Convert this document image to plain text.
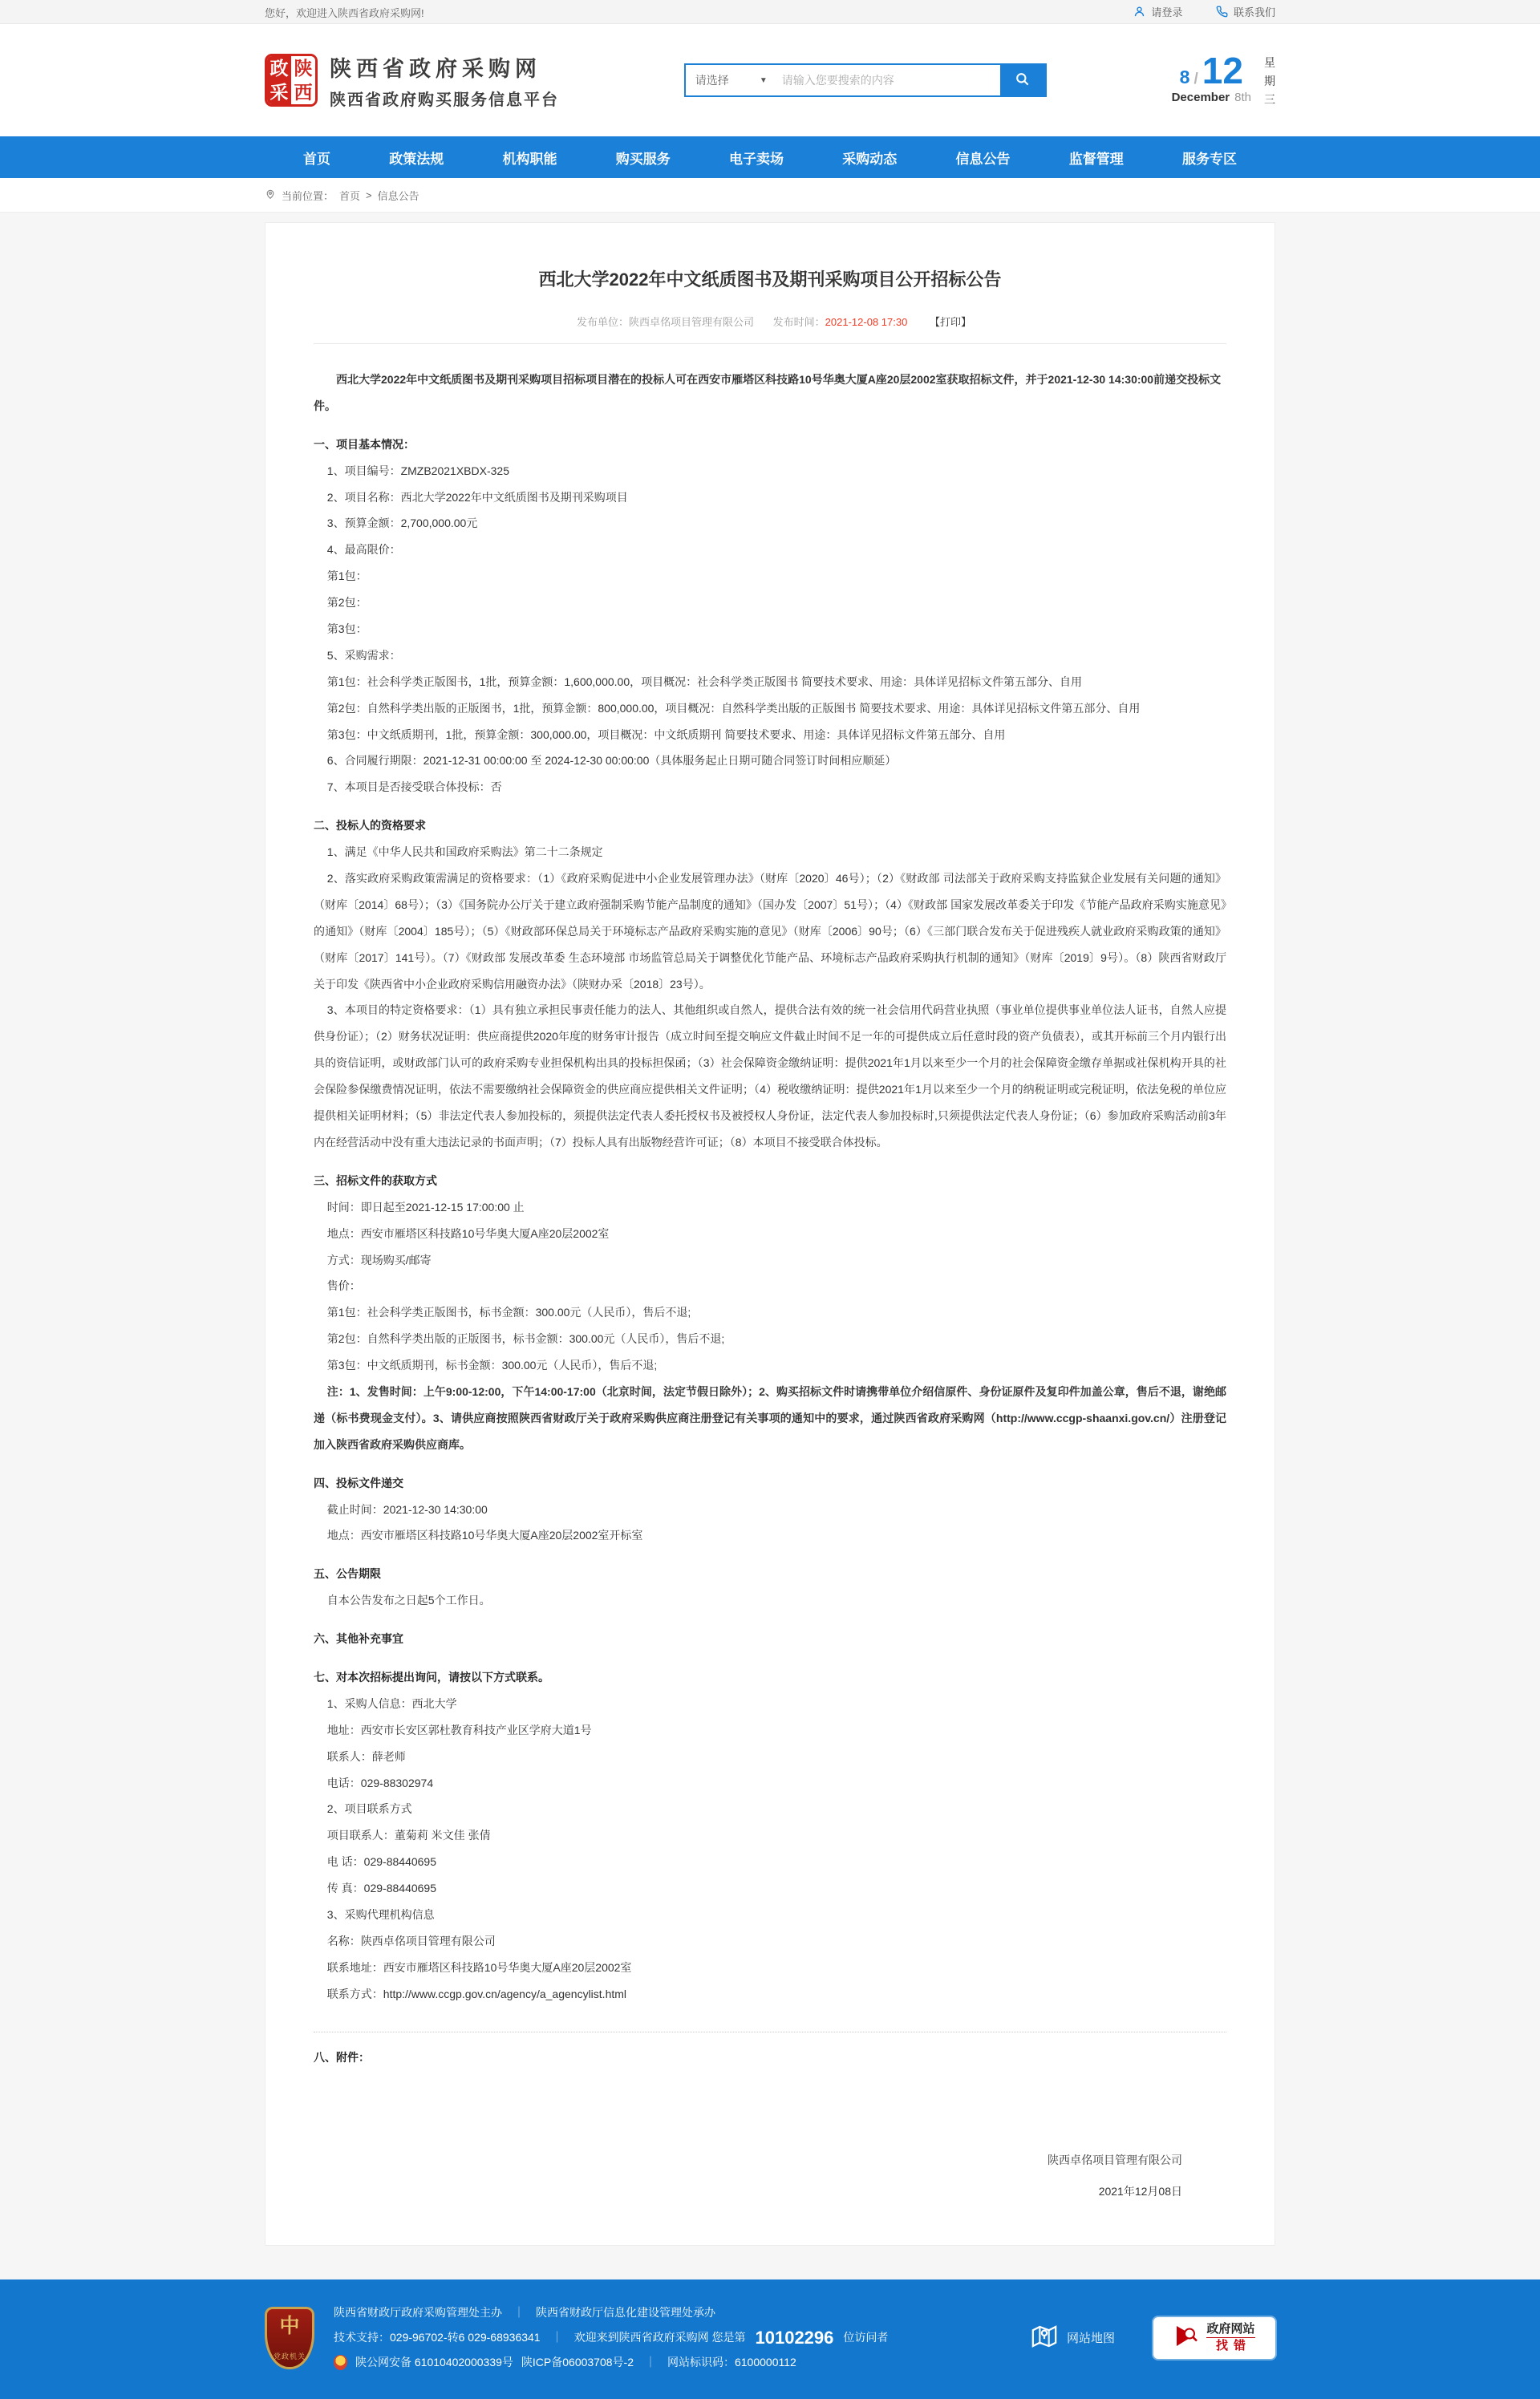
您好，欢迎进入陕西省政府采购网!	请登录
	联系我们
政 陕
采 西
陕西省政府采购网
陕西省政府购买服务信息平台
请选择	▼
请输入您要搜索的内容	8 / 12
December 8th
星
期
三
首页	政策法规	机构职能	购买服务	电子卖场	采购动态	信息公告	监督管理	服务专区
当前位置： 首页 > 信息公告
西北大学2022年中文纸质图书及期刊采购项目公开招标公告
发布单位：陕西卓佲项目管理有限公司 发布时间：2021-12-08 17:30 【打印】

西北大学2022年中文纸质图书及期刊采购项目招标项目潜在的投标人可在西安市雁塔区科技路10号华奥大厦A座20层2002室获取招标文件，并于2021-12-30 14:30:00前递交投标文件。

一、项目基本情况：

1、项目编号：ZMZB2021XBDX-325

2、项目名称：西北大学2022年中文纸质图书及期刊采购项目

3、预算金额：2,700,000.00元

4、最高限价：

第1包：

第2包：

第3包：

5、采购需求：

第1包：社会科学类正版图书，1批，预算金额：1,600,000.00，项目概况：社会科学类正版图书 简要技术要求、用途：具体详见招标文件第五部分、自用

第2包：自然科学类出版的正版图书，1批，预算金额：800,000.00，项目概况：自然科学类出版的正版图书 简要技术要求、用途：具体详见招标文件第五部分、自用

第3包：中文纸质期刊，1批，预算金额：300,000.00，项目概况：中文纸质期刊 简要技术要求、用途：具体详见招标文件第五部分、自用

6、合同履行期限：2021-12-31 00:00:00 至 2024-12-30 00:00:00（具体服务起止日期可随合同签订时间相应顺延）

7、本项目是否接受联合体投标：否

二、投标人的资格要求

1、满足《中华人民共和国政府采购法》第二十二条规定

2、落实政府采购政策需满足的资格要求：（1）《政府采购促进中小企业发展管理办法》（财库〔2020〕46号）；（2）《财政部 司法部关于政府采购支持监狱企业发展有关问题的通知》（财库〔2014〕68号）；（3）《国务院办公厅关于建立政府强制采购节能产品制度的通知》（国办发〔2007〕51号）；（4）《财政部 国家发展改革委关于印发《节能产品政府采购实施意见》的通知》（财库〔2004〕185号）；（5）《财政部环保总局关于环境标志产品政府采购实施的意见》（财库〔2006〕90号；（6）《三部门联合发布关于促进残疾人就业政府采购政策的通知》（财库〔2017〕141号）。（7）《财政部 发展改革委 生态环境部 市场监管总局关于调整优化节能产品、环境标志产品政府采购执行机制的通知》（财库〔2019〕9号）。（8）陕西省财政厅关于印发《陕西省中小企业政府采购信用融资办法》（陕财办采〔2018〕23号）。

3、本项目的特定资格要求：（1）具有独立承担民事责任能力的法人、其他组织或自然人，提供合法有效的统一社会信用代码营业执照（事业单位提供事业单位法人证书，自然人应提供身份证）；（2）财务状况证明：供应商提供2020年度的财务审计报告（成立时间至提交响应文件截止时间不足一年的可提供成立后任意时段的资产负债表），或其开标前三个月内银行出具的资信证明，或财政部门认可的政府采购专业担保机构出具的投标担保函；（3）社会保障资金缴纳证明：提供2021年1月以来至少一个月的社会保障资金缴存单据或社保机构开具的社会保险参保缴费情况证明，依法不需要缴纳社会保障资金的供应商应提供相关文件证明；（4）税收缴纳证明：提供2021年1月以来至少一个月的纳税证明或完税证明，依法免税的单位应提供相关证明材料；（5）非法定代表人参加投标的，须提供法定代表人委托授权书及被授权人身份证，法定代表人参加投标时,只须提供法定代表人身份证；（6）参加政府采购活动前3年内在经营活动中没有重大违法记录的书面声明；（7）投标人具有出版物经营许可证；（8）本项目不接受联合体投标。

三、招标文件的获取方式

时间：即日起至2021-12-15 17:00:00 止

地点：西安市雁塔区科技路10号华奥大厦A座20层2002室

方式：现场购买/邮寄

售价：

第1包：社会科学类正版图书，标书金额：300.00元（人民币），售后不退;

第2包：自然科学类出版的正版图书，标书金额：300.00元（人民币），售后不退;

第3包：中文纸质期刊，标书金额：300.00元（人民币），售后不退;

注：1、发售时间：上午9:00-12:00，下午14:00-17:00（北京时间，法定节假日除外）；2、购买招标文件时请携带单位介绍信原件、身份证原件及复印件加盖公章，售后不退，谢绝邮递（标书费现金支付）。3、请供应商按照陕西省财政厅关于政府采购供应商注册登记有关事项的通知中的要求，通过陕西省政府采购网（http://www.ccgp-shaanxi.gov.cn/）注册登记加入陕西省政府采购供应商库。

四、投标文件递交

截止时间：2021-12-30 14:30:00

地点：西安市雁塔区科技路10号华奥大厦A座20层2002室开标室

五、公告期限

自本公告发布之日起5个工作日。

六、其他补充事宜

七、对本次招标提出询问，请按以下方式联系。

1、采购人信息：西北大学

地址：西安市长安区郭杜教育科技产业区学府大道1号

联系人：薛老师

电话：029-88302974

2、项目联系方式

项目联系人：董菊莉 米文佳 张倩

电 话：029-88440695

传 真：029-88440695

3、采购代理机构信息

名称：陕西卓佲项目管理有限公司

联系地址：西安市雁塔区科技路10号华奥大厦A座20层2002室

联系方式：http://www.ccgp.gov.cn/agency/a_agencylist.html

八、附件：

陕西卓佲项目管理有限公司

2021年12月08日

中
党政机关
陕西省财政厅政府采购管理处主办 ｜ 陕西省财政厅信息化建设管理处承办
技术支持：029-96702-转6 029-68936341 ｜ 欢迎来到陕西省政府采购网 您是第 10102296 位访问者
陕公网安备 61010402000339号 陕ICP备06003708号-2 ｜ 网站标识码：6100000112
网站地图
政府网站
找错
